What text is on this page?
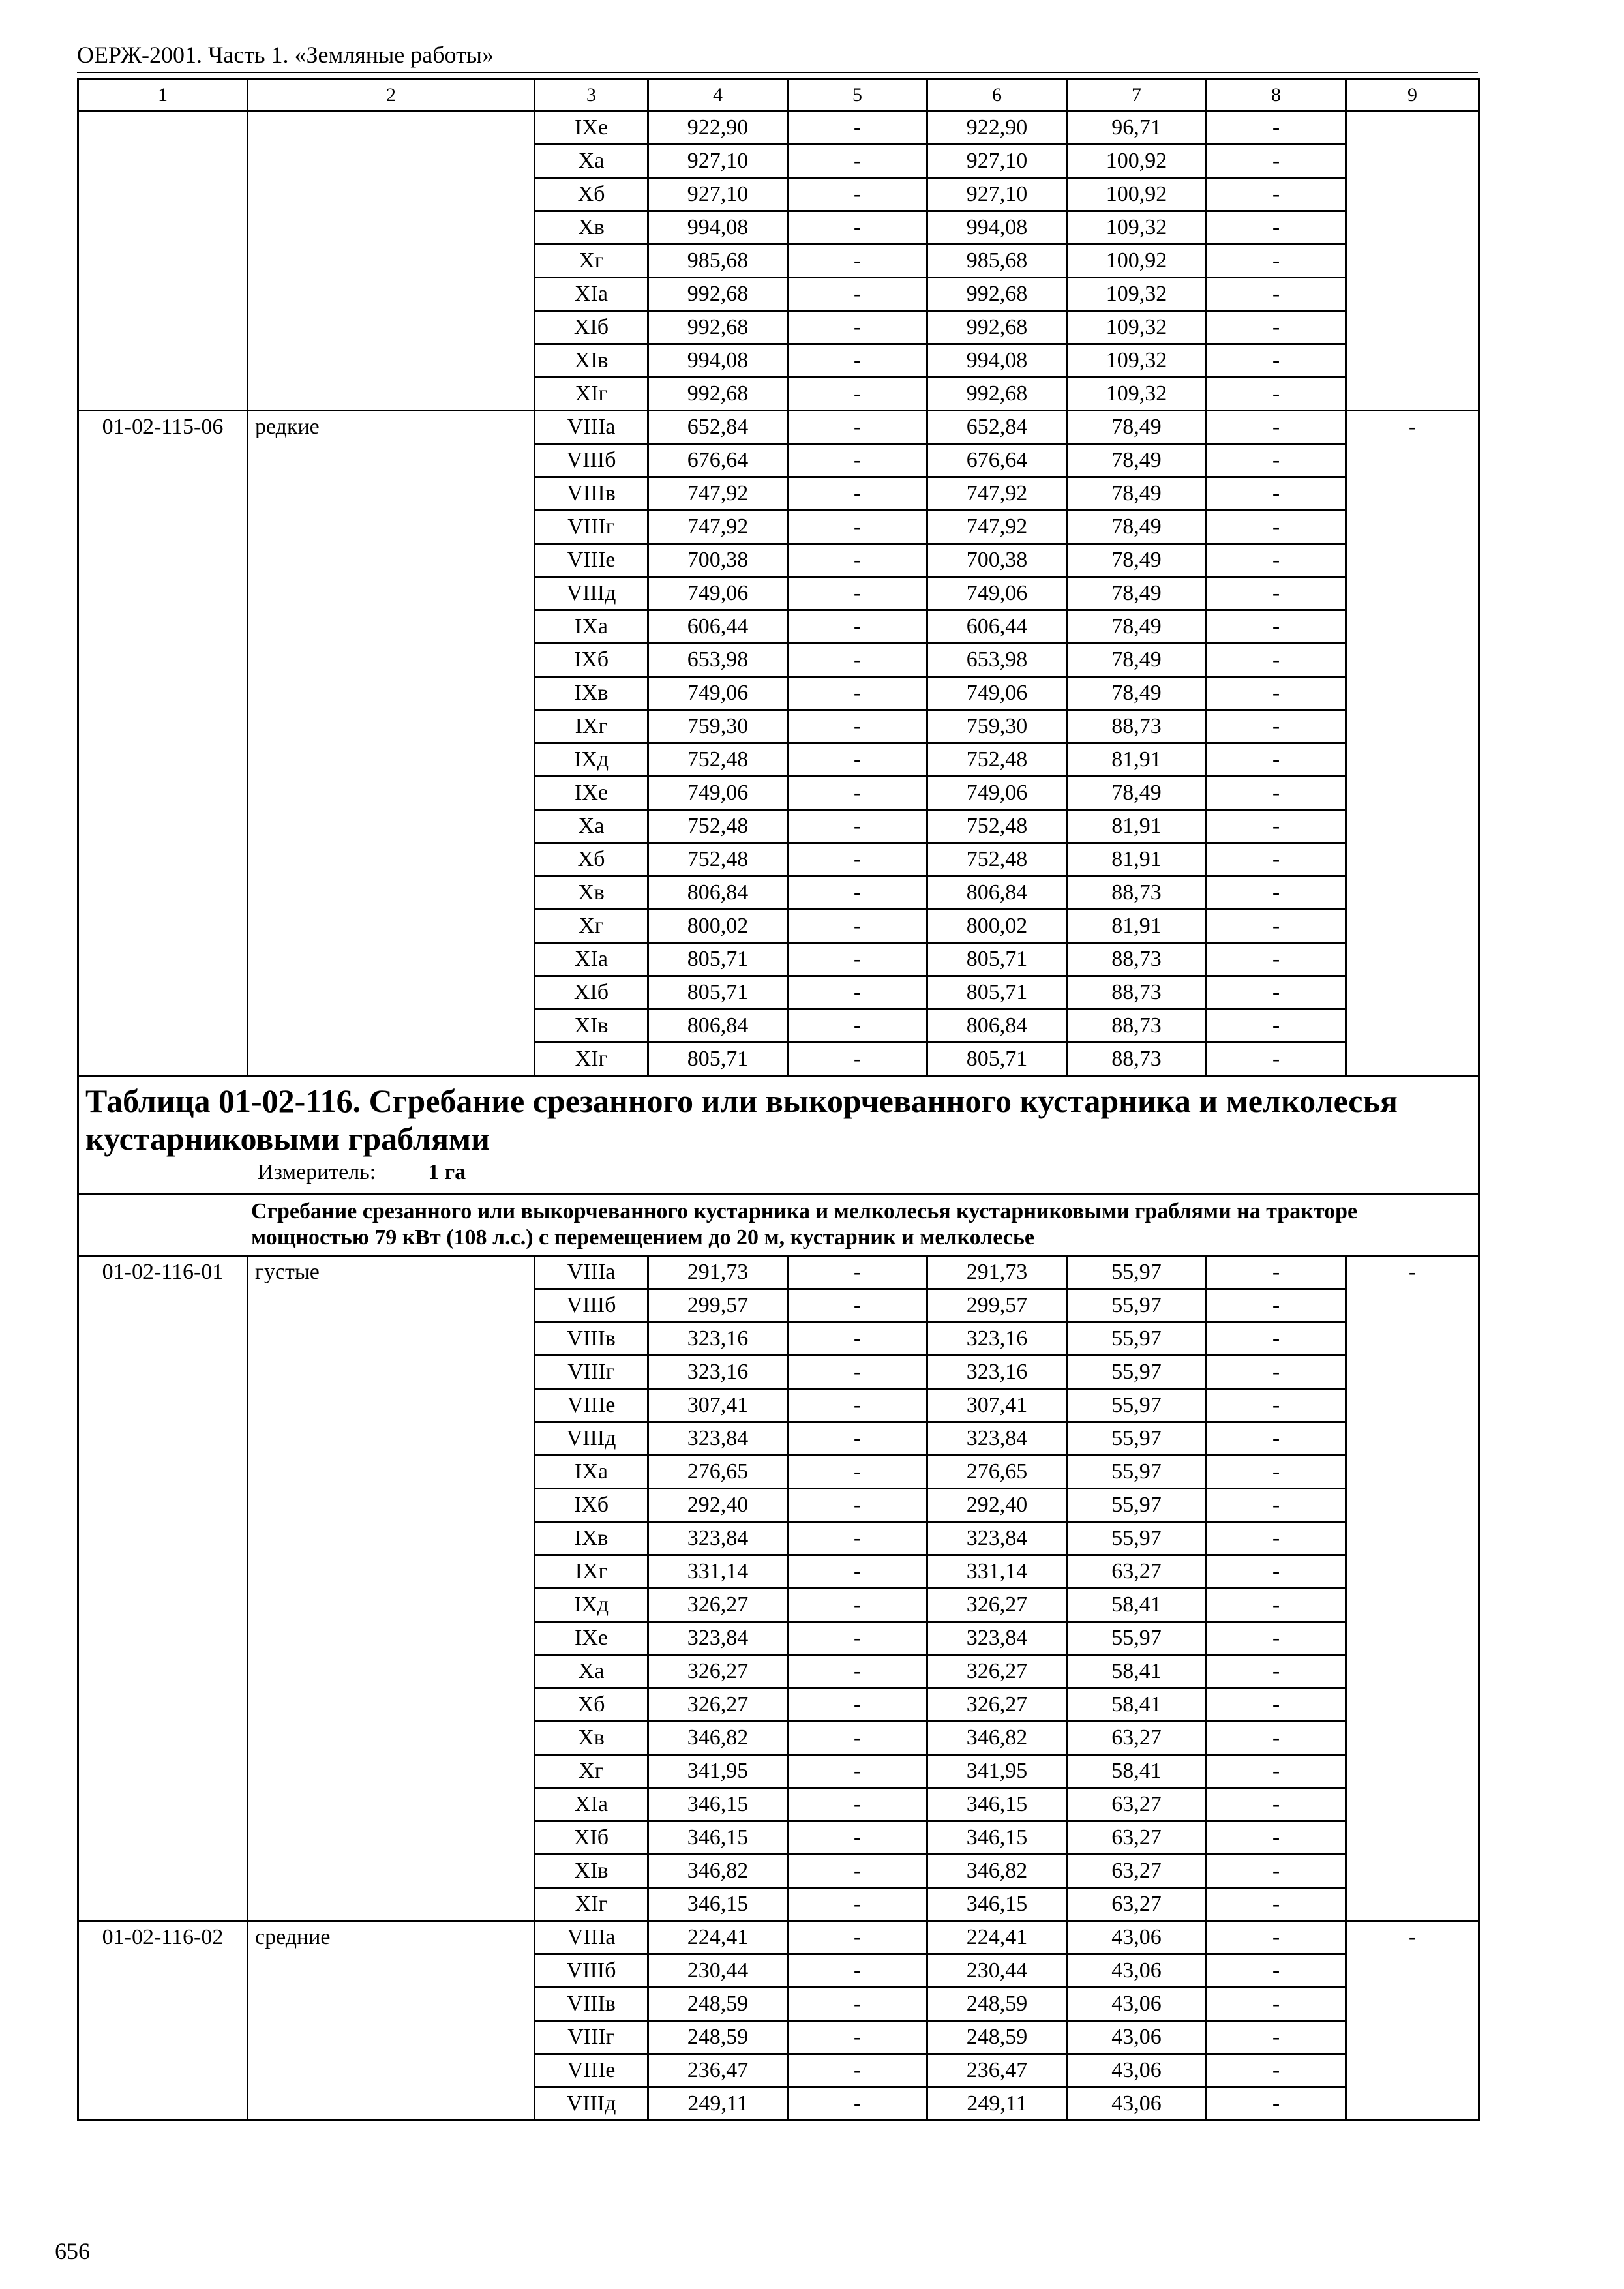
ОЕРЖ-2001. Часть 1. «Земляные работы»
1	2	3	4	5	6	7	8	9
		IXе	922,90	-	922,90	96,71	-	
		Xа	927,10	-	927,10	100,92	-	
		Xб	927,10	-	927,10	100,92	-	
		Xв	994,08	-	994,08	109,32	-	
		Xг	985,68	-	985,68	100,92	-	
		XIа	992,68	-	992,68	109,32	-	
		XIб	992,68	-	992,68	109,32	-	
		XIв	994,08	-	994,08	109,32	-	
		XIг	992,68	-	992,68	109,32	-	
01-02-115-06	редкие	VIIIа	652,84	-	652,84	78,49	-	-
		VIIIб	676,64	-	676,64	78,49	-	
		VIIIв	747,92	-	747,92	78,49	-	
		VIIIг	747,92	-	747,92	78,49	-	
		VIIIе	700,38	-	700,38	78,49	-	
		VIIIд	749,06	-	749,06	78,49	-	
		IXа	606,44	-	606,44	78,49	-	
		IXб	653,98	-	653,98	78,49	-	
		IXв	749,06	-	749,06	78,49	-	
		IXг	759,30	-	759,30	88,73	-	
		IXд	752,48	-	752,48	81,91	-	
		IXе	749,06	-	749,06	78,49	-	
		Xа	752,48	-	752,48	81,91	-	
		Xб	752,48	-	752,48	81,91	-	
		Xв	806,84	-	806,84	88,73	-	
		Xг	800,02	-	800,02	81,91	-	
		XIа	805,71	-	805,71	88,73	-	
		XIб	805,71	-	805,71	88,73	-	
		XIв	806,84	-	806,84	88,73	-	
		XIг	805,71	-	805,71	88,73	-	

Таблица 01-02-116. Сгребание срезанного или выкорчеванного кустарника и мелколесья кустарниковыми граблями
Измеритель: 1 га								

Сгребание срезанного или выкорчеванного кустарника и мелколесья кустарниковыми граблями на тракторе мощностью 79 кВт (108 л.с.) с перемещением до 20 м, кустарник и мелколесье								
01-02-116-01	густые	VIIIа	291,73	-	291,73	55,97	-	-
		VIIIб	299,57	-	299,57	55,97	-	
		VIIIв	323,16	-	323,16	55,97	-	
		VIIIг	323,16	-	323,16	55,97	-	
		VIIIе	307,41	-	307,41	55,97	-	
		VIIIд	323,84	-	323,84	55,97	-	
		IXа	276,65	-	276,65	55,97	-	
		IXб	292,40	-	292,40	55,97	-	
		IXв	323,84	-	323,84	55,97	-	
		IXг	331,14	-	331,14	63,27	-	
		IXд	326,27	-	326,27	58,41	-	
		IXе	323,84	-	323,84	55,97	-	
		Xа	326,27	-	326,27	58,41	-	
		Xб	326,27	-	326,27	58,41	-	
		Xв	346,82	-	346,82	63,27	-	
		Xг	341,95	-	341,95	58,41	-	
		XIа	346,15	-	346,15	63,27	-	
		XIб	346,15	-	346,15	63,27	-	
		XIв	346,82	-	346,82	63,27	-	
		XIг	346,15	-	346,15	63,27	-	
01-02-116-02	средние	VIIIа	224,41	-	224,41	43,06	-	-
		VIIIб	230,44	-	230,44	43,06	-	
		VIIIв	248,59	-	248,59	43,06	-	
		VIIIг	248,59	-	248,59	43,06	-	
		VIIIе	236,47	-	236,47	43,06	-	
		VIIIд	249,11	-	249,11	43,06	-	
656
